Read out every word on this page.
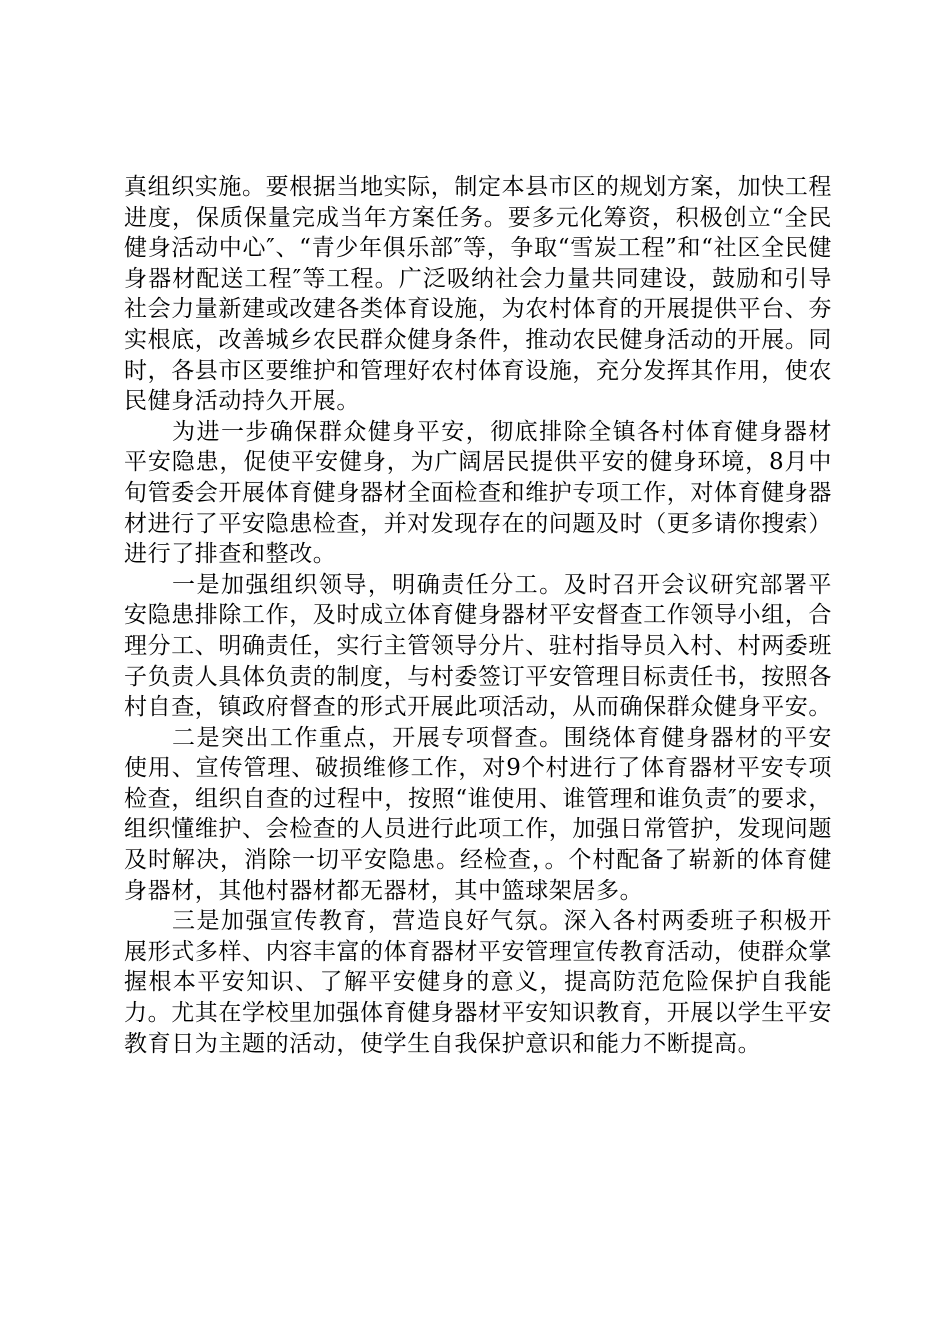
真组织实施。要根据当地实际，制定本县市区的规划方案，加快工程进度，保质保量完成当年方案任务。要多元化筹资，积极创立“全民健身活动中心″、“青少年俱乐部″等，争取“雪炭工程”和“社区全民健身器材配送工程″等工程。广泛吸纳社会力量共同建设，鼓励和引导社会力量新建或改建各类体育设施，为农村体育的开展提供平台、夯实根底，改善城乡农民群众健身条件，推动农民健身活动的开展。同时，各县市区要维护和管理好农村体育设施，充分发挥其作用，使农民健身活动持久开展。

为进一步确保群众健身平安，彻底排除全镇各村体育健身器材平安隐患，促使平安健身，为广阔居民提供平安的健身环境，8月中旬管委会开展体育健身器材全面检查和维护专项工作，对体育健身器材进行了平安隐患检查，并对发现存在的问题及时（更多请你搜索）进行了排查和整改。

一是加强组织领导，明确责任分工。及时召开会议研究部署平安隐患排除工作，及时成立体育健身器材平安督查工作领导小组，合理分工、明确责任，实行主管领导分片、驻村指导员入村、村两委班子负责人具体负责的制度，与村委签订平安管理目标责任书，按照各村自查，镇政府督查的形式开展此项活动，从而确保群众健身平安。

二是突出工作重点，开展专项督查。围绕体育健身器材的平安使用、宣传管理、破损维修工作，对9个村进行了体育器材平安专项检查，组织自查的过程中，按照“谁使用、谁管理和谁负责″的要求，组织懂维护、会检查的人员进行此项工作，加强日常管护，发现问题及时解决，消除一切平安隐患。经检查，。个村配备了崭新的体育健身器材，其他村器材都无器材，其中篮球架居多。

三是加强宣传教育，营造良好气氛。深入各村两委班子积极开展形式多样、内容丰富的体育器材平安管理宣传教育活动，使群众掌握根本平安知识、了解平安健身的意义，提高防范危险保护自我能力。尤其在学校里加强体育健身器材平安知识教育，开展以学生平安教育日为主题的活动，使学生自我保护意识和能力不断提高。
